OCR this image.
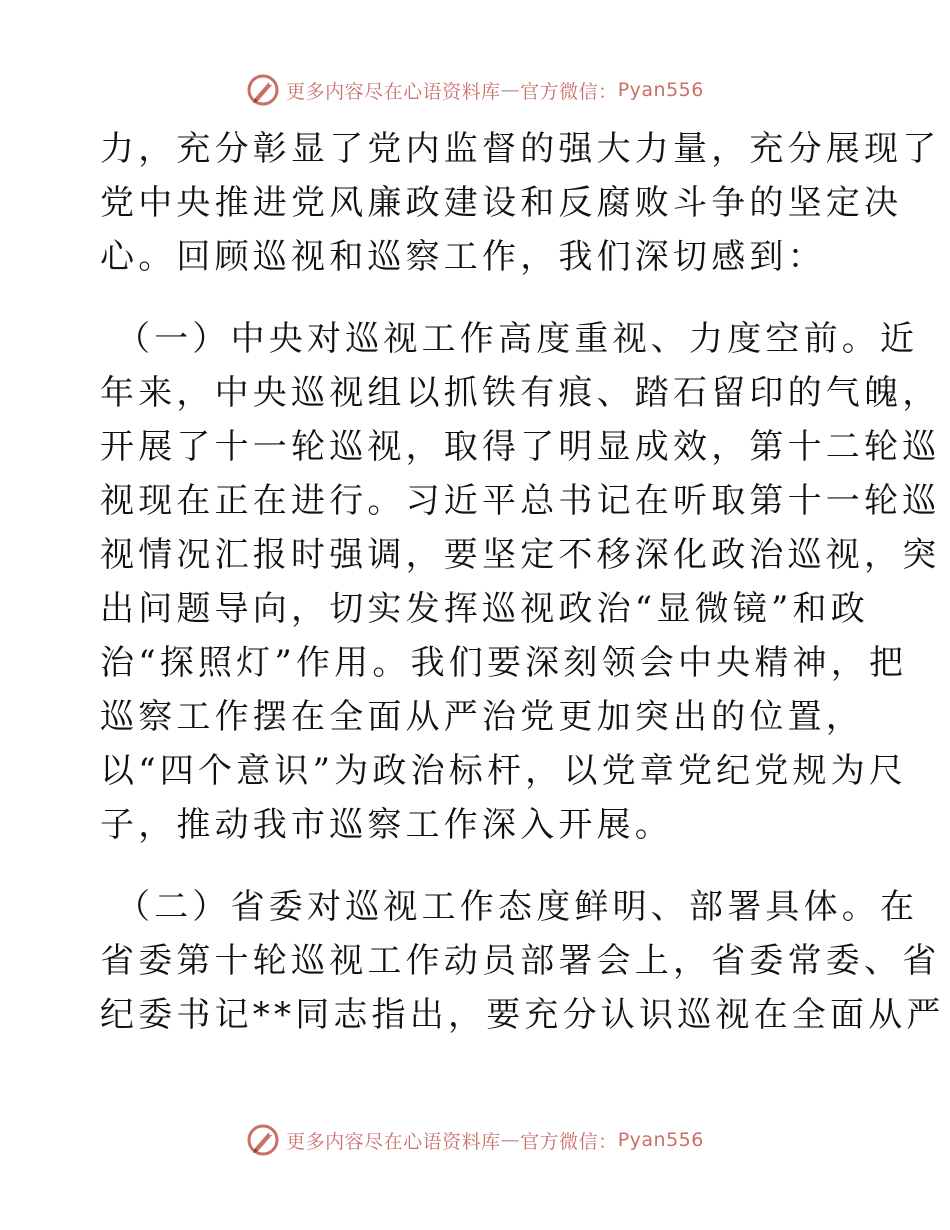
更多内容尽在心语资料库 — 官方微信： Pyan556
力，充分彰显了党内监督的强大力量，充分展现了
党中央推进党风廉政建设和反腐败斗争的坚定决
心。回顾巡视和巡察工作，我们深切感到：
（一）中央对巡视工作高度重视、力度空前。近
年来，中央巡视组以抓铁有痕、踏石留印的气魄，
开展了十一轮巡视，取得了明显成效，第十二轮巡
视现在正在进行。习近平总书记在听取第十一轮巡
视情况汇报时强调，要坚定不移深化政治巡视，突
出问题导向，切实发挥巡视政治“显微镜”和政
治“探照灯”作用。我们要深刻领会中央精神，把
巡察工作摆在全面从严治党更加突出的位置，
以“四个意识”为政治标杆，以党章党纪党规为尺
子，推动我市巡察工作深入开展。
（二）省委对巡视工作态度鲜明、部署具体。在
省委第十轮巡视工作动员部署会上，省委常委、省
纪委书记**同志指出，要充分认识巡视在全面从严
更多内容尽在心语资料库 — 官方微信： Pyan556
